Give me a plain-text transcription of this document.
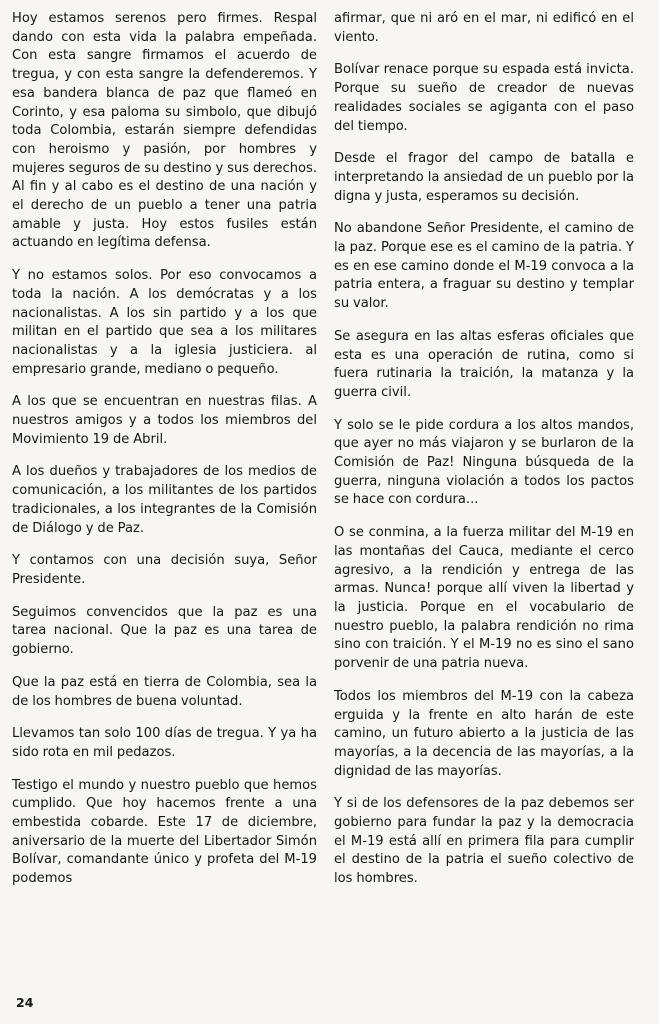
Hoy estamos serenos pero firmes. Respal dando con esta vida la palabra empeñada. Con esta sangre firmamos el acuerdo de tregua, y con esta sangre la defenderemos. Y esa bandera blanca de paz que flameó en Corinto, y esa paloma su simbolo, que dibujó toda Colombia, estarán siempre defendidas con heroismo y pasión, por hombres y mujeres seguros de su destino y sus derechos. Al fin y al cabo es el destino de una nación y el derecho de un pueblo a tener una patria amable y justa. Hoy estos fusiles están actuando en legítima defensa.

Y no estamos solos. Por eso convocamos a toda la nación. A los demócratas y a los nacionalistas. A los sin partido y a los que militan en el partido que sea a los militares nacionalistas y a la iglesia justiciera. al empresario grande, mediano o pequeño.

A los que se encuentran en nuestras filas. A nuestros amigos y a todos los miembros del Movimiento 19 de Abril.

A los dueños y trabajadores de los medios de comunicación, a los militantes de los partidos tradicionales, a los integrantes de la Comisión de Diálogo y de Paz.

Y contamos con una decisión suya, Señor Presidente.

Seguimos convencidos que la paz es una tarea nacional. Que la paz es una tarea de gobierno.

Que la paz está en tierra de Colombia, sea la de los hombres de buena voluntad.

Llevamos tan solo 100 días de tregua. Y ya ha sido rota en mil pedazos.

Testigo el mundo y nuestro pueblo que hemos cumplido. Que hoy hacemos frente a una embestida cobarde. Este 17 de diciembre, aniversario de la muerte del Libertador Simón Bolívar, comandante único y profeta del M-19 podemos

afirmar, que ni aró en el mar, ni edificó en el viento.

Bolívar renace porque su espada está invicta. Porque su sueño de creador de nuevas realidades sociales se agiganta con el paso del tiempo.

Desde el fragor del campo de batalla e interpretando la ansiedad de un pueblo por la digna y justa, esperamos su decisión.

No abandone Señor Presidente, el camino de la paz. Porque ese es el camino de la patria. Y es en ese camino donde el M-19 convoca a la patria entera, a fraguar su destino y templar su valor.

Se asegura en las altas esferas oficiales que esta es una operación de rutina, como si fuera rutinaria la traición, la matanza y la guerra civil.

Y solo se le pide cordura a los altos mandos, que ayer no más viajaron y se burlaron de la Comisión de Paz! Ninguna búsqueda de la guerra, ninguna violación a todos los pactos se hace con cordura...

O se conmina, a la fuerza militar del M-19 en las montañas del Cauca, mediante el cerco agresivo, a la rendición y entrega de las armas. Nunca! porque allí viven la libertad y la justicia. Porque en el vocabulario de nuestro pueblo, la palabra rendición no rima sino con traición. Y el M-19 no es sino el sano porvenir de una patria nueva.

Todos los miembros del M-19 con la cabeza erguida y la frente en alto harán de este camino, un futuro abierto a la justicia de las mayorías, a la decencia de las mayorías, a la dignidad de las mayorías.

Y si de los defensores de la paz debemos ser gobierno para fundar la paz y la democracia el M-19 está allí en primera fila para cumplir el destino de la patria el sueño colectivo de los hombres.

24
